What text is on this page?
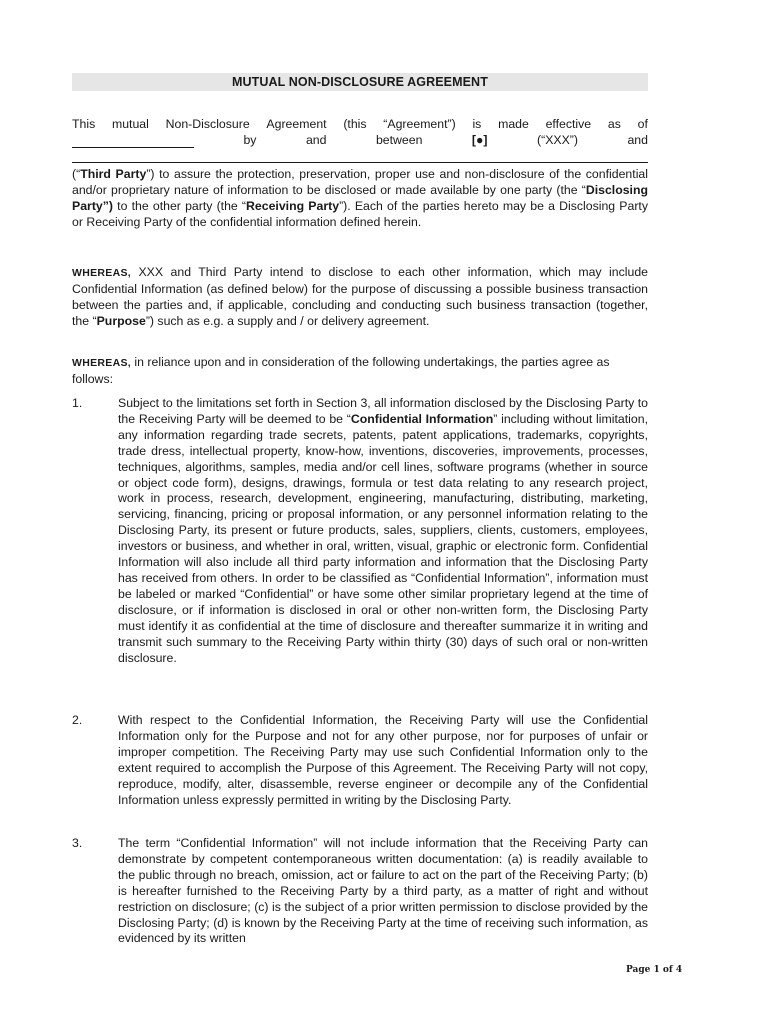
MUTUAL NON-DISCLOSURE AGREEMENT
This mutual Non-Disclosure Agreement (this “Agreement”) is made effective as of
by	and	between	[●]	(“XXX”)	and
(“Third Party”) to assure the protection, preservation, proper use and non-disclosure of the confidential and/or proprietary nature of information to be disclosed or made available by one party (the “Disclosing Party”) to the other party (the “Receiving Party”). Each of the parties hereto may be a Disclosing Party or Receiving Party of the confidential information defined herein.
WHEREAS, XXX and Third Party intend to disclose to each other information, which may include Confidential Information (as defined below) for the purpose of discussing a possible business transaction between the parties and, if applicable, concluding and conducting such business transaction (together, the “Purpose”) such as e.g. a supply and / or delivery agreement.
WHEREAS, in reliance upon and in consideration of the following undertakings, the parties agree as follows:
1.	Subject to the limitations set forth in Section 3, all information disclosed by the Disclosing Party to the Receiving Party will be deemed to be “Confidential Information” including without limitation, any information regarding trade secrets, patents, patent applications, trademarks, copyrights, trade dress, intellectual property, know-how, inventions, discoveries, improvements, processes, techniques, algorithms, samples, media and/or cell lines, software programs (whether in source or object code form), designs, drawings, formula or test data relating to any research project, work in process, research, development, engineering, manufacturing, distributing, marketing, servicing, financing, pricing or proposal information, or any personnel information relating to the Disclosing Party, its present or future products, sales, suppliers, clients, customers, employees, investors or business, and whether in oral, written, visual, graphic or electronic form. Confidential Information will also include all third party information and information that the Disclosing Party has received from others. In order to be classified as “Confidential Information”, information must be labeled or marked “Confidential” or have some other similar proprietary legend at the time of disclosure, or if information is disclosed in oral or other non-written form, the Disclosing Party must identify it as confidential at the time of disclosure and thereafter summarize it in writing and transmit such summary to the Receiving Party within thirty (30) days of such oral or non-written disclosure.
2.	With respect to the Confidential Information, the Receiving Party will use the Confidential Information only for the Purpose and not for any other purpose, nor for purposes of unfair or improper competition. The Receiving Party may use such Confidential Information only to the extent required to accomplish the Purpose of this Agreement. The Receiving Party will not copy, reproduce, modify, alter, disassemble, reverse engineer or decompile any of the Confidential Information unless expressly permitted in writing by the Disclosing Party.
3.	The term “Confidential Information” will not include information that the Receiving Party can demonstrate by competent contemporaneous written documentation: (a) is readily available to the public through no breach, omission, act or failure to act on the part of the Receiving Party; (b) is hereafter furnished to the Receiving Party by a third party, as a matter of right and without restriction on disclosure; (c) is the subject of a prior written permission to disclose provided by the Disclosing Party; (d) is known by the Receiving Party at the time of receiving such information, as evidenced by its written
Page 1 of 4
